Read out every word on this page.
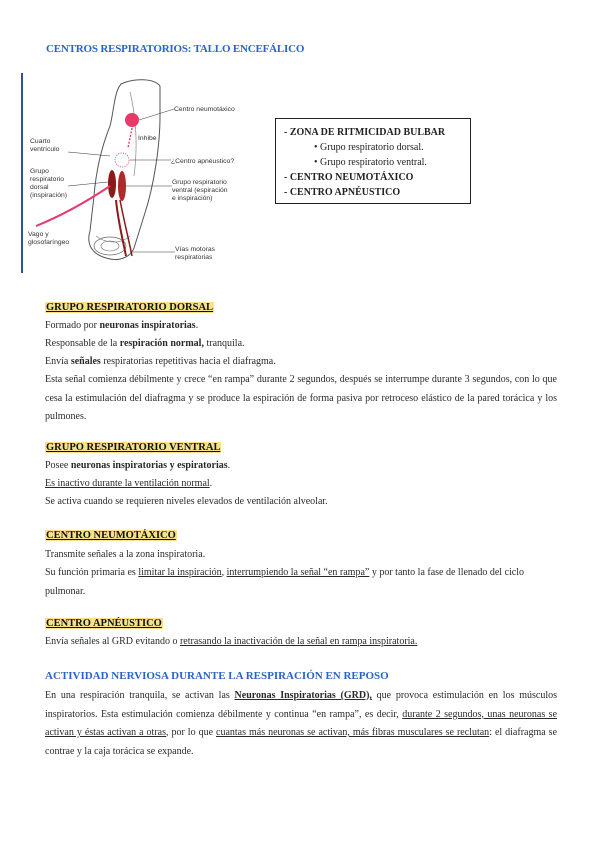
CENTROS RESPIRATORIOS: TALLO ENCEFÁLICO
Centro neumotáxico
Inhibe
¿Centro apnéustico?
Grupo respiratorio ventral (espiración e inspiración)
Vías motoras respiratorias
Cuarto ventrículo
Grupo respiratorio dorsal (inspiración)
Vago y glosofaríngeo
- ZONA DE RITMICIDAD BULBAR
• Grupo respiratorio dorsal.
• Grupo respiratorio ventral.
- CENTRO NEUMOTÁXICO
- CENTRO APNÉUSTICO
GRUPO RESPIRATORIO DORSAL
Formado por neuronas inspiratorias.
Responsable de la respiración normal, tranquila.
Envía señales respiratorias repetitivas hacia el diafragma.
Esta señal comienza débilmente y crece “en rampa” durante 2 segundos, después se interrumpe durante 3 segundos, con lo que cesa la estimulación del diafragma y se produce la espiración de forma pasiva por retroceso elástico de la pared torácica y los pulmones.
GRUPO RESPIRATORIO VENTRAL
Posee neuronas inspiratorias y espiratorias.
Es inactivo durante la ventilación normal.
Se activa cuando se requieren niveles elevados de ventilación alveolar.
CENTRO NEUMOTÁXICO
Transmite señales a la zona inspiratoria.
Su función primaria es limitar la inspiración, interrumpiendo la señal “en rampa” y por tanto la fase de llenado del ciclo pulmonar.
CENTRO APNÉUSTICO
Envía señales al GRD evitando o retrasando la inactivación de la señal en rampa inspiratoria.
ACTIVIDAD NERVIOSA DURANTE LA RESPIRACIÓN EN REPOSO
En una respiración tranquila, se activan las Neuronas Inspiratorias (GRD), que provoca estimulación en los músculos inspiratorios. Esta estimulación comienza débilmente y continua “en rampa”, es decir, durante 2 segundos, unas neuronas se activan y éstas activan a otras, por lo que cuantas más neuronas se activan, más fibras musculares se reclutan: el diafragma se contrae y la caja torácica se expande.
